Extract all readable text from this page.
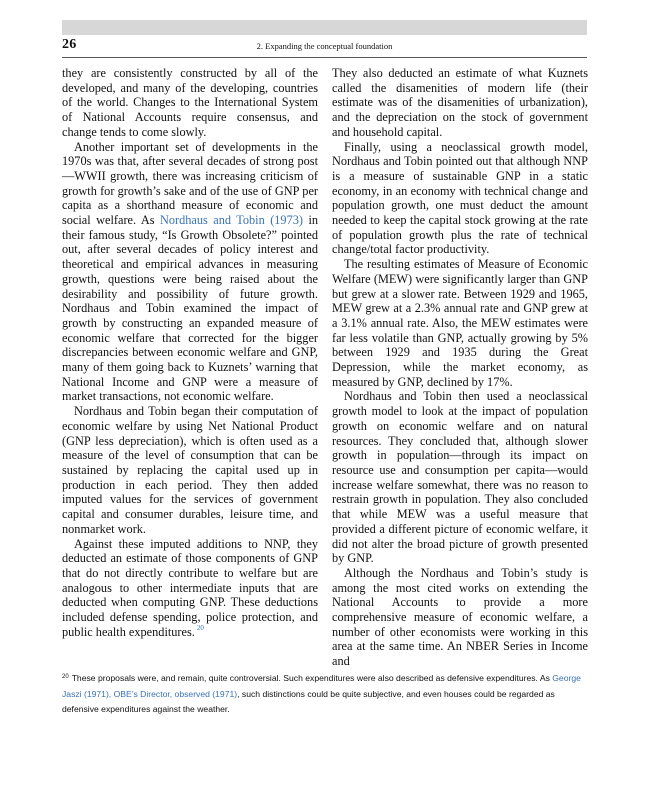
26	2. Expanding the conceptual foundation

they are consistently constructed by all of the developed, and many of the developing, countries of the world. Changes to the International System of National Accounts require consensus, and change tends to come slowly.

Another important set of developments in the 1970s was that, after several decades of strong post—WWII growth, there was increasing criticism of growth for growth’s sake and of the use of GNP per capita as a shorthand measure of economic and social welfare. As Nordhaus and Tobin (1973) in their famous study, “Is Growth Obsolete?” pointed out, after several decades of policy interest and theoretical and empirical advances in measuring growth, questions were being raised about the desirability and possibility of future growth. Nordhaus and Tobin examined the impact of growth by constructing an expanded measure of economic welfare that corrected for the bigger discrepancies between economic welfare and GNP, many of them going back to Kuznets’ warning that National Income and GNP were a measure of market transactions, not economic welfare.

Nordhaus and Tobin began their computation of economic welfare by using Net National Product (GNP less depreciation), which is often used as a measure of the level of consumption that can be sustained by replacing the capital used up in production in each period. They then added imputed values for the services of government capital and consumer durables, leisure time, and nonmarket work.

Against these imputed additions to NNP, they deducted an estimate of those components of GNP that do not directly contribute to welfare but are analogous to other intermediate inputs that are deducted when computing GNP. These deductions included defense spending, police protection, and public health expenditures. $^{20}$

They also deducted an estimate of what Kuznets called the disamenities of modern life (their estimate was of the disamenities of urbanization), and the depreciation on the stock of government and household capital.

Finally, using a neoclassical growth model, Nordhaus and Tobin pointed out that although NNP is a measure of sustainable GNP in a static economy, in an economy with technical change and population growth, one must deduct the amount needed to keep the capital stock growing at the rate of population growth plus the rate of technical change/total factor productivity.

The resulting estimates of Measure of Economic Welfare (MEW) were significantly larger than GNP but grew at a slower rate. Between 1929 and 1965, MEW grew at a 2.3% annual rate and GNP grew at a 3.1% annual rate. Also, the MEW estimates were far less volatile than GNP, actually growing by 5% between 1929 and 1935 during the Great Depression, while the market economy, as measured by GNP, declined by 17%.

Nordhaus and Tobin then used a neoclassical growth model to look at the impact of population growth on economic welfare and on natural resources. They concluded that, although slower growth in population—through its impact on resource use and consumption per capita—would increase welfare somewhat, there was no reason to restrain growth in population. They also concluded that while MEW was a useful measure that provided a different picture of economic welfare, it did not alter the broad picture of growth presented by GNP.

Although the Nordhaus and Tobin’s study is among the most cited works on extending the National Accounts to provide a more comprehensive measure of economic welfare, a number of other economists were working in this area at the same time. An NBER Series in Income and

$^{20}$ These proposals were, and remain, quite controversial. Such expenditures were also described as defensive expenditures. As George Jaszi (1971), OBE’s Director, observed (1971), such distinctions could be quite subjective, and even houses could be regarded as defensive expenditures against the weather.
